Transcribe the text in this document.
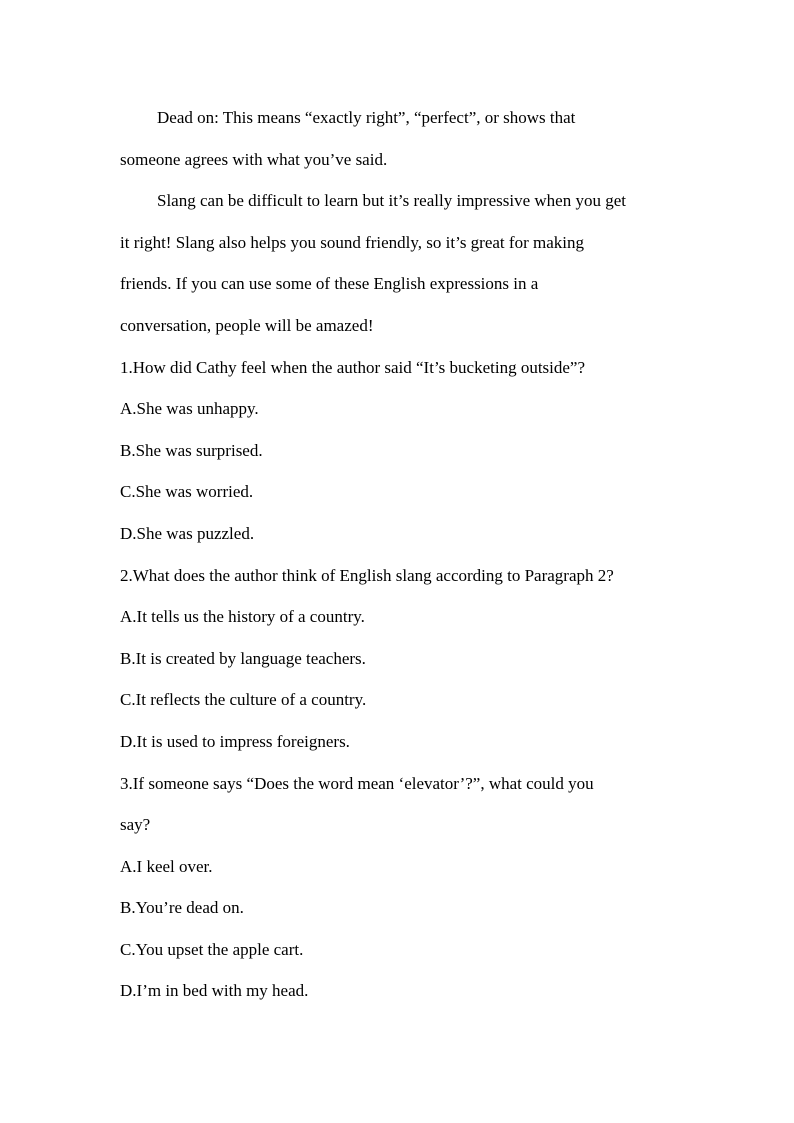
Dead on: This means “exactly right”, “perfect”, or shows that

someone agrees with what you’ve said.

Slang can be difficult to learn but it’s really impressive when you get

it right! Slang also helps you sound friendly, so it’s great for making

friends. If you can use some of these English expressions in a

conversation, people will be amazed!

1.How did Cathy feel when the author said “It’s bucketing outside”?

A.She was unhappy.

B.She was surprised.

C.She was worried.

D.She was puzzled.

2.What does the author think of English slang according to Paragraph 2?

A.It tells us the history of a country.

B.It is created by language teachers.

C.It reflects the culture of a country.

D.It is used to impress foreigners.

3.If someone says “Does the word mean ‘elevator’?”, what could you

say?

A.I keel over.

B.You’re dead on.

C.You upset the apple cart.

D.I’m in bed with my head.
